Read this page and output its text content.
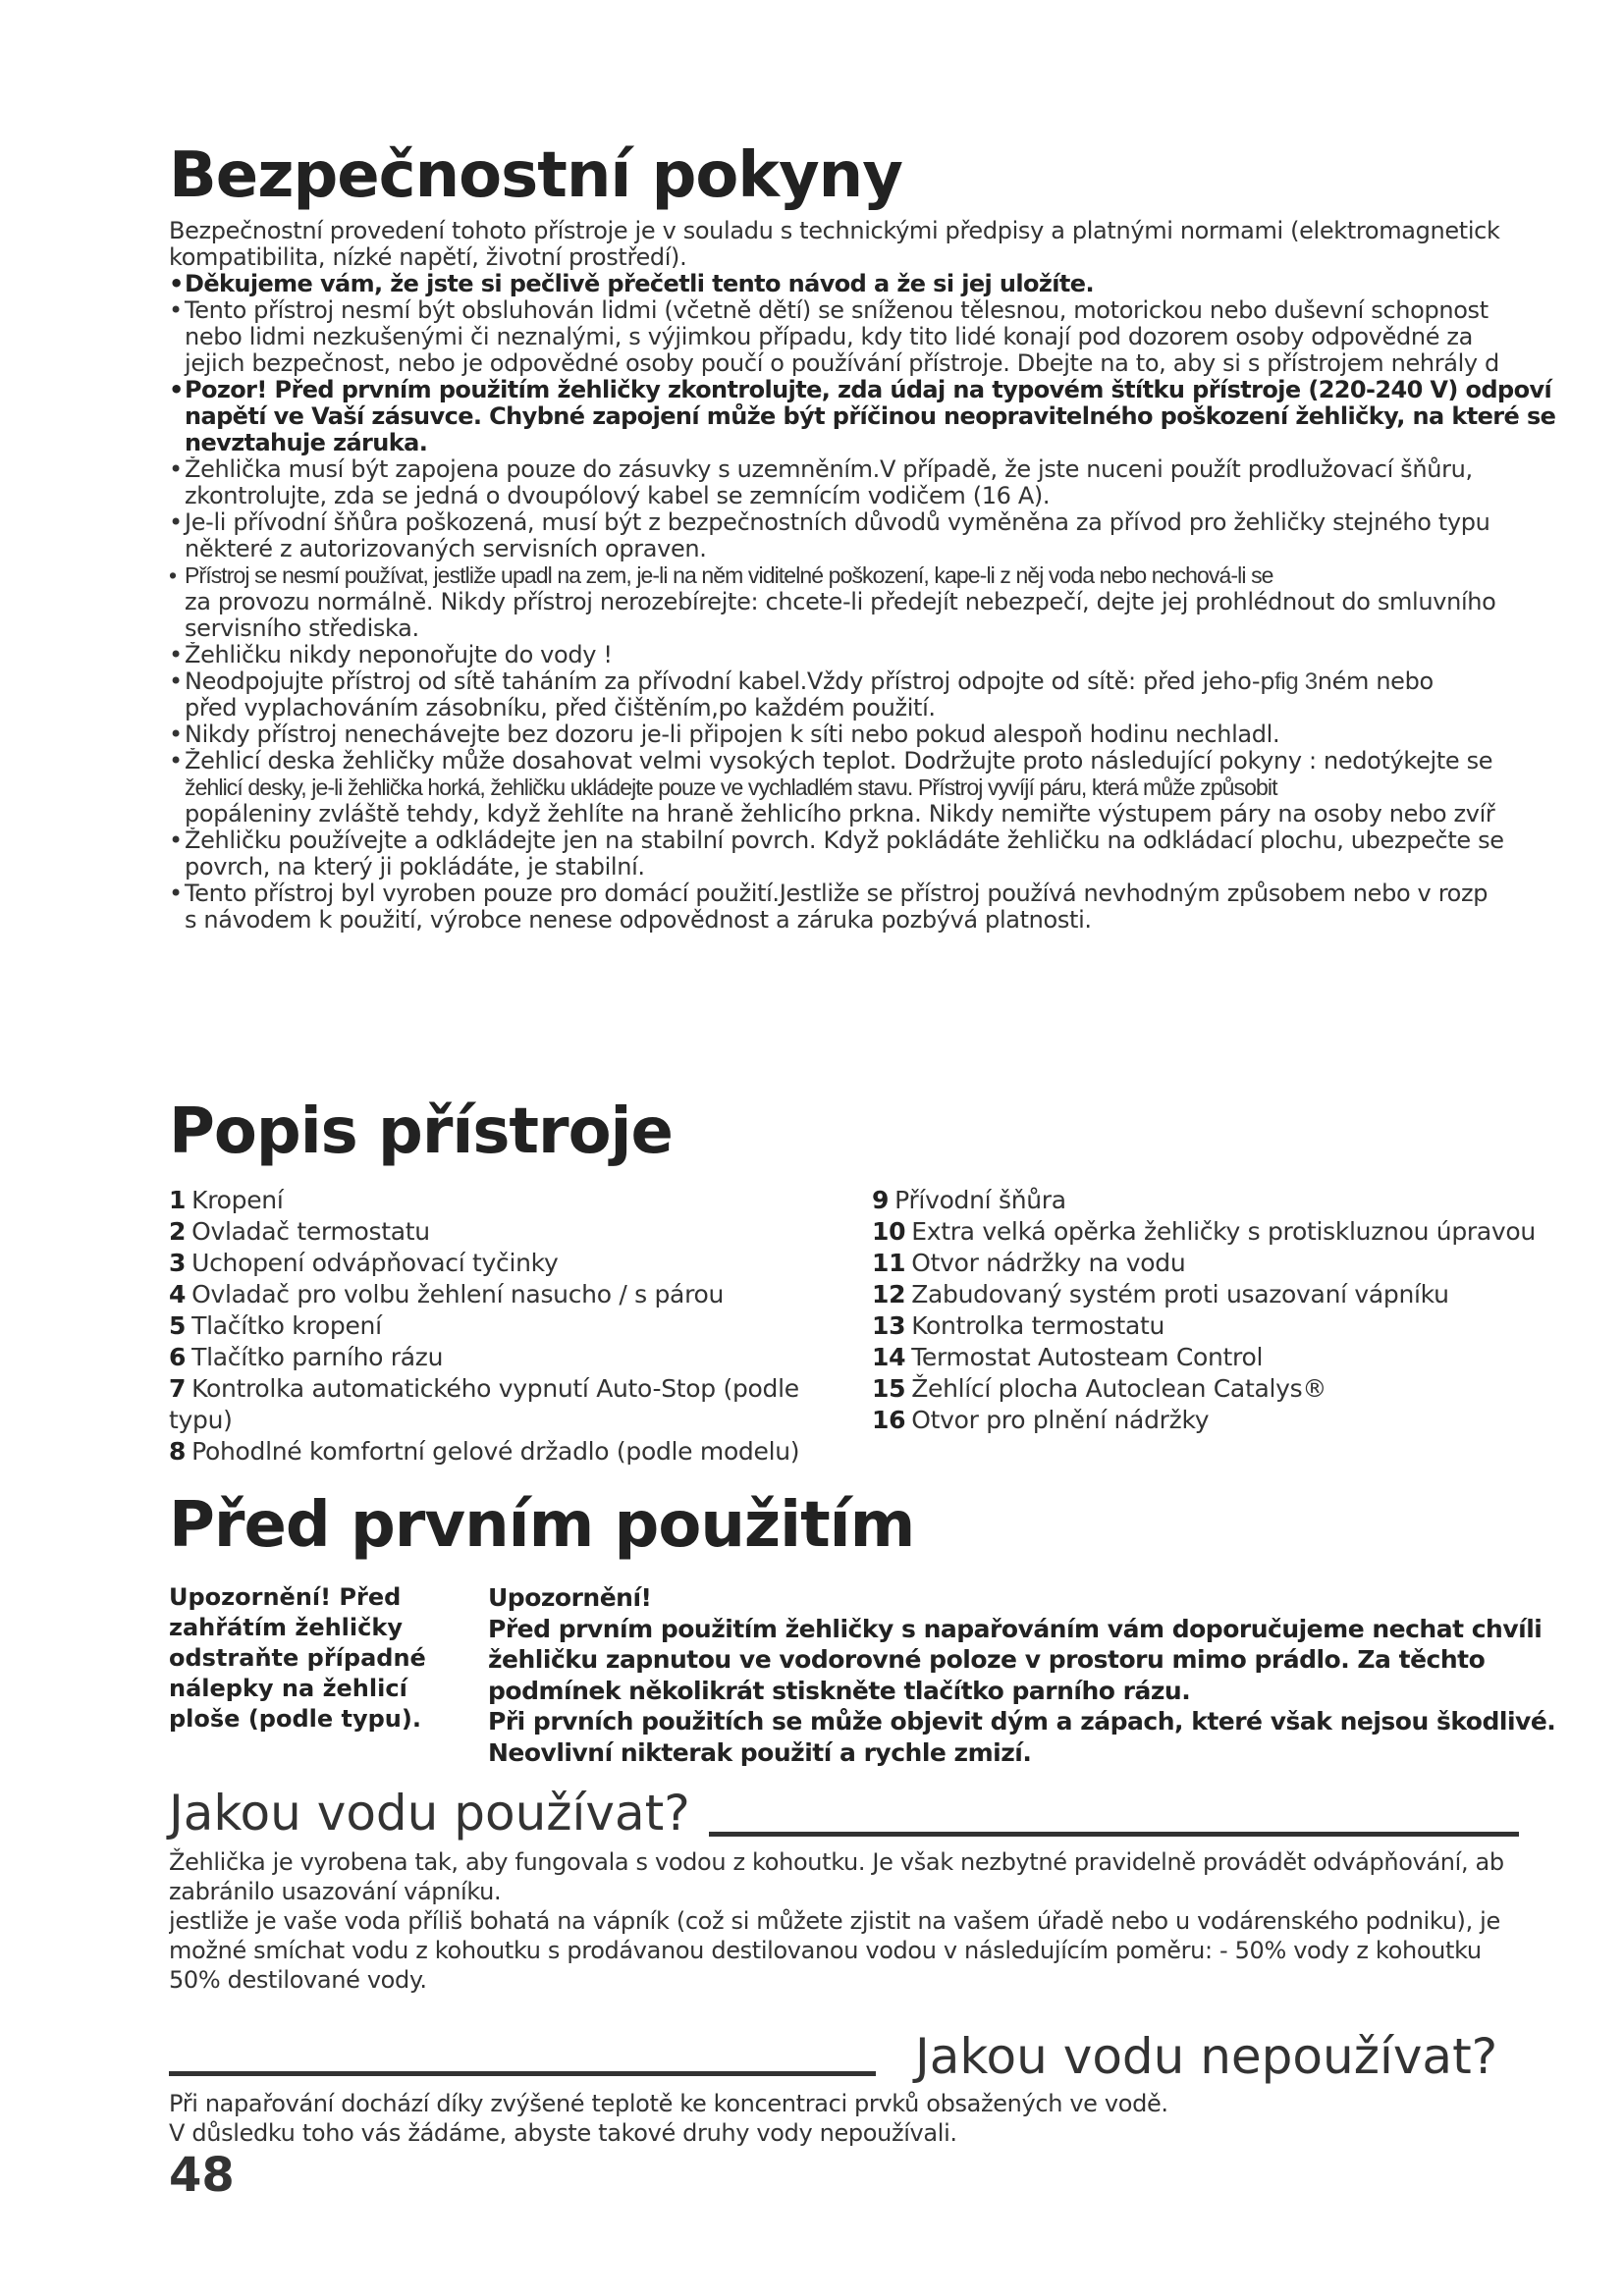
Bezpečnostní pokyny
Bezpečnostní provedení tohoto přístroje je v souladu s technickými předpisy a platnými normami (elektromagnetick
kompatibilita, nízké napětí, životní prostředí).
•Děkujeme vám, že jste si pečlivě přečetli tento návod a že si jej uložíte.
•Tento přístroj nesmí být obsluhován lidmi (včetně dětí) se sníženou tělesnou, motorickou nebo duševní schopnost
nebo lidmi nezkušenými či neznalými, s výjimkou případu, kdy tito lidé konají pod dozorem osoby odpovědné za
jejich bezpečnost, nebo je odpovědné osoby poučí o používání přístroje. Dbejte na to, aby si s přístrojem nehrály d
•Pozor! Před prvním použitím žehličky zkontrolujte, zda údaj na typovém štítku přístroje (220-240 V) odpoví
napětí ve Vaší zásuvce. Chybné zapojení může být příčinou neopravitelného poškození žehličky, na které se
nevztahuje záruka.
•Žehlička musí být zapojena pouze do zásuvky s uzemněním.V případě, že jste nuceni použít prodlužovací šňůru,
zkontrolujte, zda se jedná o dvoupólový kabel se zemnícím vodičem (16 A).
•Je-li přívodní šňůra poškozená, musí být z bezpečnostních důvodů vyměněna za přívod pro žehličky stejného typu
některé z autorizovaných servisních opraven.
• Přístroj se nesmí používat, jestliže upadl na zem, je-li na něm viditelné poškození, kape-li z něj voda nebo nechová-li se
za provozu normálně. Nikdy přístroj nerozebírejte: chcete-li předejít nebezpečí, dejte jej prohlédnout do smluvního
servisního střediska.
•Žehličku nikdy neponořujte do vody !
•Neodpojujte přístroj od sítě taháním za přívodní kabel.Vždy přístroj odpojte od sítě: před jeho-pfig 3ném nebo
před vyplachováním zásobníku, před čištěním,po každém použití.
•Nikdy přístroj nenechávejte bez dozoru je-li připojen k síti nebo pokud alespoň hodinu nechladl.
•Žehlicí deska žehličky může dosahovat velmi vysokých teplot. Dodržujte proto následující pokyny : nedotýkejte se
žehlicí desky, je-li žehlička horká, žehličku ukládejte pouze ve vychladlém stavu. Přístroj vyvíjí páru, která může způsobit
popáleniny zvláště tehdy, když žehlíte na hraně žehlicího prkna. Nikdy nemiřte výstupem páry na osoby nebo zvíř
•Žehličku používejte a odkládejte jen na stabilní povrch. Když pokládáte žehličku na odkládací plochu, ubezpečte se
povrch, na který ji pokládáte, je stabilní.
•Tento přístroj byl vyroben pouze pro domácí použití.Jestliže se přístroj používá nevhodným způsobem nebo v rozp
s návodem k použití, výrobce nenese odpovědnost a záruka pozbývá platnosti.
Popis přístroje
1 Kropení
2 Ovladač termostatu
3 Uchopení odvápňovací tyčinky
4 Ovladač pro volbu žehlení nasucho / s párou
5 Tlačítko kropení
6 Tlačítko parního rázu
7 Kontrolka automatického vypnutí Auto-Stop (podle
typu)
8 Pohodlné komfortní gelové držadlo (podle modelu)
9 Přívodní šňůra
10 Extra velká opěrka žehličky s protiskluznou úpravou
11 Otvor nádržky na vodu
12 Zabudovaný systém proti usazovaní vápníku
13 Kontrolka termostatu
14 Termostat Autosteam Control
15 Žehlící plocha Autoclean Catalys®
16 Otvor pro plnění nádržky
Před prvním použitím
Upozornění! Před zahřátím žehličky odstraňte případné nálepky na žehlicí ploše (podle typu).
Upozornění!
Před prvním použitím žehličky s napařováním vám doporučujeme nechat chvíli
žehličku zapnutou ve vodorovné poloze v prostoru mimo prádlo. Za těchto
podmínek několikrát stiskněte tlačítko parního rázu.
Při prvních použitích se může objevit dým a zápach, které však nejsou škodlivé.
Neovlivní nikterak použití a rychle zmizí.
Jakou vodu používat?
Žehlička je vyrobena tak, aby fungovala s vodou z kohoutku. Je však nezbytné pravidelně provádět odvápňování, ab
zabránilo usazování vápníku.
jestliže je vaše voda příliš bohatá na vápník (což si můžete zjistit na vašem úřadě nebo u vodárenského podniku), je
možné smíchat vodu z kohoutku s prodávanou destilovanou vodou v následujícím poměru: - 50% vody z kohoutku
50% destilované vody.
Jakou vodu nepoužívat?
Při napařování dochází díky zvýšené teplotě ke koncentraci prvků obsažených ve vodě.
V důsledku toho vás žádáme, abyste takové druhy vody nepoužívali.
48
